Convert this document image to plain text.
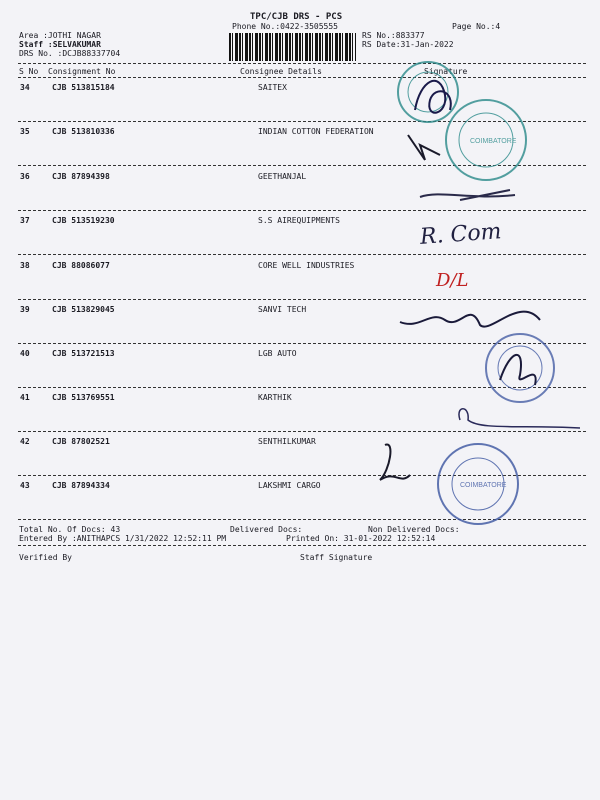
TPC/CJB DRS - PCS
Phone No.:0422-3505555	Page No.:4
Area :JOTHI NAGAR
Staff :SELVAKUMAR
DRS No. :DCJB88337704
RS No.:883377
RS Date:31-Jan-2022
S No Consignment No	Consignee Details	Signature
34	CJB 513815184	SAITEX
35	CJB 513810336	INDIAN COTTON FEDERATION
36	CJB 87894398	GEETHANJAL
37	CJB 513519230	S.S AIREQUIPMENTS
38	CJB 88086077	CORE WELL INDUSTRIES
39	CJB 513829045	SANVI TECH
40	CJB 513721513	LGB AUTO
41	CJB 513769551	KARTHIK
42	CJB 87802521	SENTHILKUMAR
43	CJB 87894334	LAKSHMI CARGO
Total No. Of Docs: 43	Delivered Docs:	Non Delivered Docs:
Entered By :ANITHAPCS 1/31/2022 12:52:11 PM	Printed On: 31-01-2022 12:52:14
Verified By	Staff Signature
D/L
R. Com
COIMBATORE
COIMBATORE
